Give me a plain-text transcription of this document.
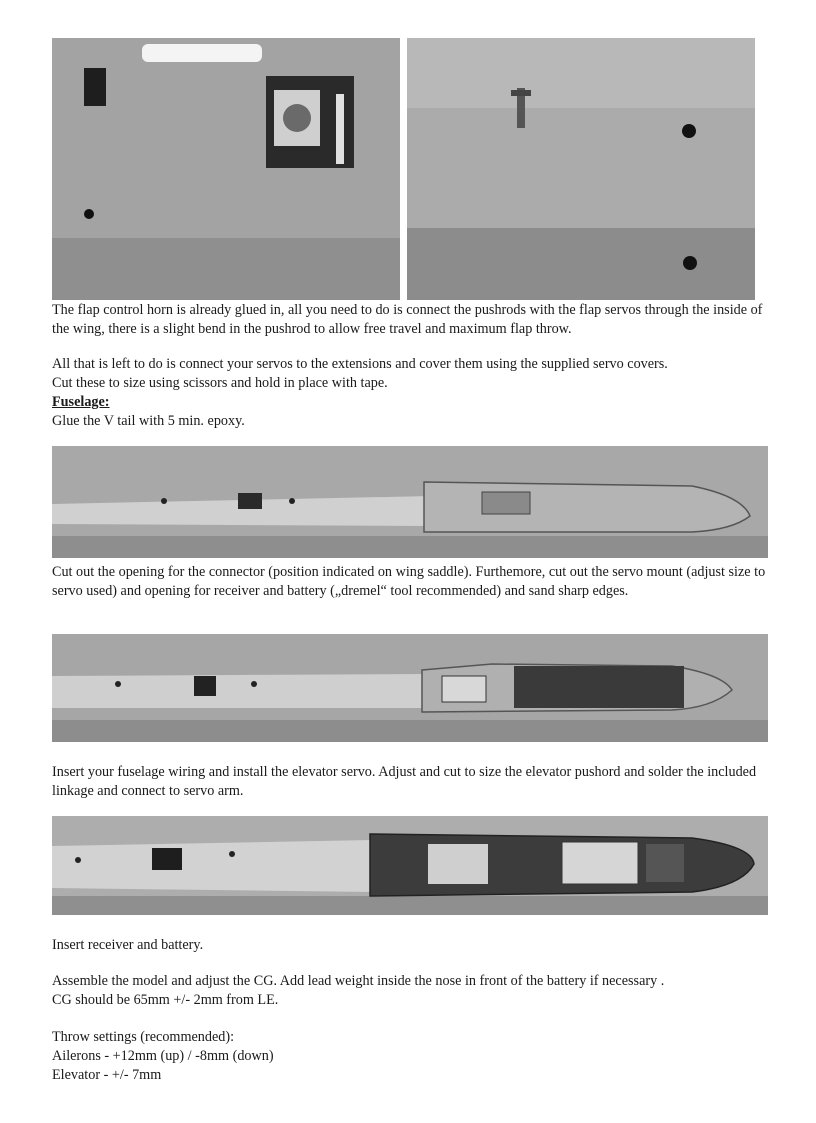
The flap control horn is already glued in, all you need to do is connect the pushrods with the flap servos through the inside of the wing, there is a slight bend in the pushrod to allow free travel and maximum flap throw.

All that is left to do is connect your servos to the extensions and cover them using the supplied servo covers.

Cut these to size using scissors and hold in place with tape.

Fuselage:

Glue the V tail with 5 min. epoxy.

Cut out the opening for the connector (position indicated on wing saddle). Furthemore, cut out the servo mount (adjust size to servo used) and opening for receiver and battery („dremel“ tool recommended) and sand sharp edges.

Insert your fuselage wiring and install the elevator servo. Adjust and cut to size the elevator pushord and solder the included linkage and connect to servo arm.

Insert receiver and battery.

Assemble the model and adjust the CG. Add lead weight inside the nose in front of the battery if necessary .

CG should be 65mm +/- 2mm from LE.

Throw settings (recommended):

Ailerons - +12mm (up) / -8mm (down)

Elevator - +/- 7mm
